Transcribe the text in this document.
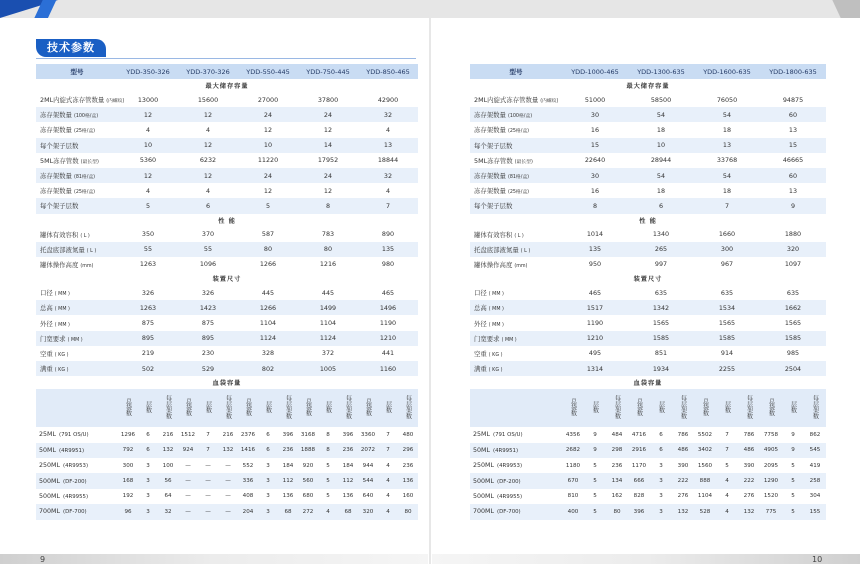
技术参数
型号	YDD-350-326			YDD-370-326			YDD-550-445			YDD-750-445			YDD-850-465		
最大储存容量															
2ML内旋式冻存管数量 (内螺纹)	13000			15600			27000			37800			42900		
冻存架数量 (100格/盒)	12			12			24			24			32		
冻存架数量 (25格/盒)	4			4			12			12			4		
每个架子层数	10			12			10			14			13		
5ML冻存管数 (最长型)	5360			6232			11220			17952			18844		
冻存架数量 (81格/盒)	12			12			24			24			32		
冻存架数量 (25格/盒)	4			4			12			12			4		
每个架子层数	5			6			5			8			7		
性 能															
罐体有效容积 ( L )	350			370			587			783			890		
托盘底部液氮量 ( L )	55			55			80			80			135		
罐体操作高度 (mm)	1263			1096			1266			1216			980		
装置尺寸															
口径 ( MM )	326			326			445			445			465		
总高 ( MM )	1263			1423			1266			1499			1496		
外径 ( MM )	875			875			1104			1104			1190		
门宽要求 ( MM )	895			895			1124			1124			1210		
空重 ( KG )	219			230			328			372			441		
满重 ( KG )	502			529			802			1005			1160		
血袋容量															
	总袋数	层数	每层架数	总袋数	层数	每层架数	总袋数	层数	每层架数	总袋数	层数	每层架数	总袋数	层数	每层架数
25ML (791 OS/U)	1296	6	216	1512	7	216	2376	6	396	3168	8	396	3360	7	480
50ML (4R9951)	792	6	132	924	7	132	1416	6	236	1888	8	236	2072	7	296
250ML (4R9953)	300	3	100	—	—	—	552	3	184	920	5	184	944	4	236
500ML (DF-200)	168	3	56	—	—	—	336	3	112	560	5	112	544	4	136
500ML (4R9955)	192	3	64	—	—	—	408	3	136	680	5	136	640	4	160
700ML (DF-700)	96	3	32	—	—	—	204	3	68	272	4	68	320	4	80
型号	YDD-1000-465			YDD-1300-635			YDD-1600-635			YDD-1800-635		
最大储存容量												
2ML内旋式冻存管数量 (内螺纹)	51000			58500			76050			94875		
冻存架数量 (100格/盒)	30			54			54			60		
冻存架数量 (25格/盒)	16			18			18			13		
每个架子层数	15			10			13			15		
5ML冻存管数 (最长型)	22640			28944			33768			46665		
冻存架数量 (81格/盒)	30			54			54			60		
冻存架数量 (25格/盒)	16			18			18			13		
每个架子层数	8			6			7			9		
性 能												
罐体有效容积 ( L )	1014			1340			1660			1880		
托盘底部液氮量 ( L )	135			265			300			320		
罐体操作高度 (mm)	950			997			967			1097		
装置尺寸												
口径 ( MM )	465			635			635			635		
总高 ( MM )	1517			1342			1534			1662		
外径 ( MM )	1190			1565			1565			1565		
门宽要求 ( MM )	1210			1585			1585			1585		
空重 ( KG )	495			851			914			985		
满重 ( KG )	1314			1934			2255			2504		
血袋容量												
	总袋数	层数	每层架数	总袋数	层数	每层架数	总袋数	层数	每层架数	总袋数	层数	每层架数
25ML (791 OS/U)	4356	9	484	4716	6	786	5502	7	786	7758	9	862
50ML (4R9951)	2682	9	298	2916	6	486	3402	7	486	4905	9	545
250ML (4R9953)	1180	5	236	1170	3	390	1560	5	390	2095	5	419
500ML (DF-200)	670	5	134	666	3	222	888	4	222	1290	5	258
500ML (4R9955)	810	5	162	828	3	276	1104	4	276	1520	5	304
700ML (DF-700)	400	5	80	396	3	132	528	4	132	775	5	155
9	10
